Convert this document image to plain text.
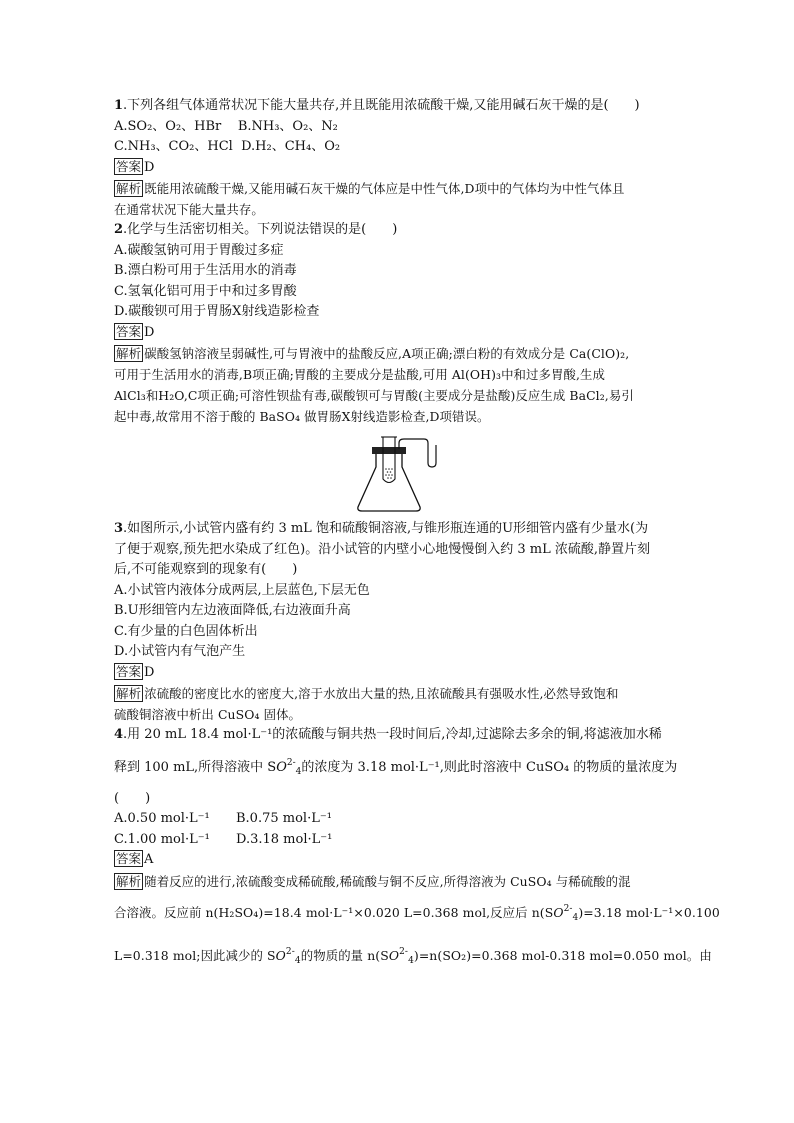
1.下列各组气体通常状况下能大量共存,并且既能用浓硫酸干燥,又能用碱石灰干燥的是(　　)
A.SO₂、O₂、HBr B.NH₃、O₂、N₂
C.NH₃、CO₂、HCl D.H₂、CH₄、O₂
答案 D
解析 既能用浓硫酸干燥,又能用碱石灰干燥的气体应是中性气体,D项中的气体均为中性气体且
在通常状况下能大量共存。
2.化学与生活密切相关。下列说法错误的是(　　)
A.碳酸氢钠可用于胃酸过多症
B.漂白粉可用于生活用水的消毒
C.氢氧化铝可用于中和过多胃酸
D.碳酸钡可用于胃肠X射线造影检查
答案 D
解析 碳酸氢钠溶液呈弱碱性,可与胃液中的盐酸反应,A项正确;漂白粉的有效成分是 Ca(ClO)₂,
可用于生活用水的消毒,B项正确;胃酸的主要成分是盐酸,可用 Al(OH)₃中和过多胃酸,生成
AlCl₃和H₂O,C项正确;可溶性钡盐有毒,碳酸钡可与胃酸(主要成分是盐酸)反应生成 BaCl₂,易引
起中毒,故常用不溶于酸的 BaSO₄ 做胃肠X射线造影检查,D项错误。
3.如图所示,小试管内盛有约 3 mL 饱和硫酸铜溶液,与锥形瓶连通的U形细管内盛有少量水(为
了便于观察,预先把水染成了红色)。沿小试管的内壁小心地慢慢倒入约 3 mL 浓硫酸,静置片刻
后,不可能观察到的现象有(　　)
A.小试管内液体分成两层,上层蓝色,下层无色
B.U形细管内左边液面降低,右边液面升高
C.有少量的白色固体析出
D.小试管内有气泡产生
答案 D
解析 浓硫酸的密度比水的密度大,溶于水放出大量的热,且浓硫酸具有强吸水性,必然导致饱和
硫酸铜溶液中析出 CuSO₄ 固体。
4.用 20 mL 18.4 mol·L⁻¹的浓硫酸与铜共热一段时间后,冷却,过滤除去多余的铜,将滤液加水稀
释到 100 mL,所得溶液中 $SO^{2-}_4$的浓度为 3.18 mol·L⁻¹,则此时溶液中 CuSO₄ 的物质的量浓度为
(　　)
A.0.50 mol·L⁻¹ B.0.75 mol·L⁻¹
C.1.00 mol·L⁻¹ D.3.18 mol·L⁻¹
答案 A
解析 随着反应的进行,浓硫酸变成稀硫酸,稀硫酸与铜不反应,所得溶液为 CuSO₄ 与稀硫酸的混
合溶液。反应前 n(H₂SO₄)=18.4 mol·L⁻¹×0.020 L=0.368 mol,反应后 $n(SO^{2-}_4)=3.18$ mol·L⁻¹×0.100
L=0.318 mol;因此减少的 $SO^{2-}_4$的物质的量 $n(SO^{2-}_4)=n(SO_2)=0.368$ mol-0.318 mol=0.050 mol。由
